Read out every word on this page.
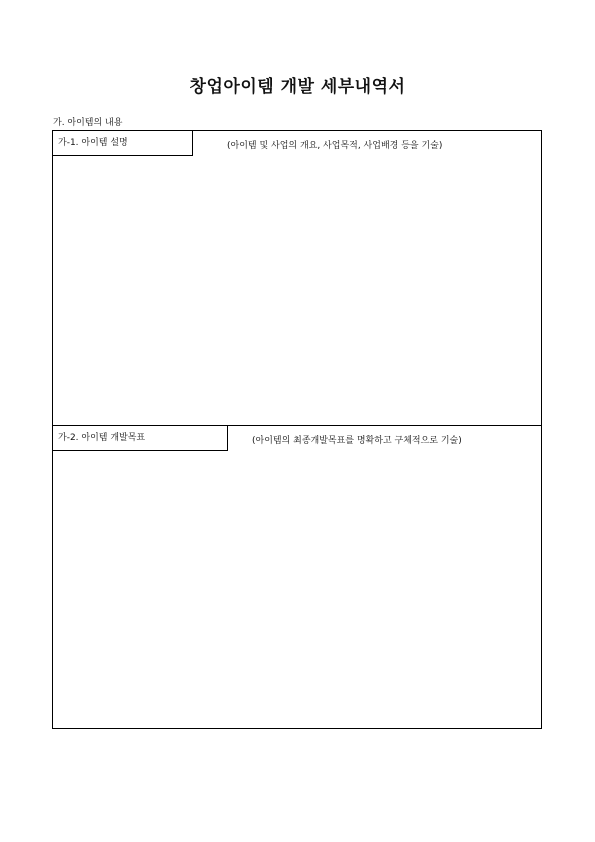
창업아이템 개발 세부내역서
가. 아이템의 내용
가-1. 아이템 설명	(아이템 및 사업의 개요, 사업목적, 사업배경 등을 기술)
가-2. 아이템 개발목표	(아이템의 최종개발목표를 명확하고 구체적으로 기술)
